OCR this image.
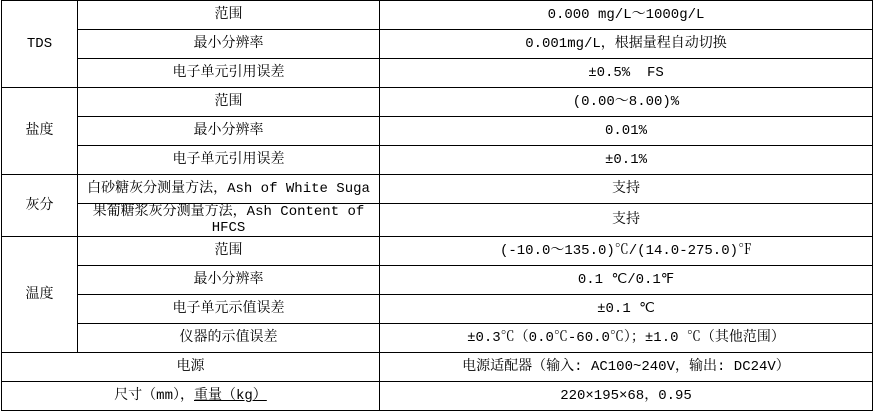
TDS	范围	0.000 mg/L～1000g/L
	最小分辨率	0.001mg/L，根据量程自动切换
	电子单元引用误差	±0.5%  FS
盐度	范围	(0.00～8.00)%
	最小分辨率	0.01%
	电子单元引用误差	±0.1%
灰分	白砂糖灰分测量方法，Ash of White Suga	支持
	果葡糖浆灰分测量方法，Ash Content of HFCS	支持
温度	范围	(-10.0～135.0)℃/(14.0-275.0)℉
	最小分辨率	0.1 ℃/0.1℉
	电子单元示值误差	±0.1 ℃
	仪器的示值误差	±0.3℃（0.0℃-60.0℃）；±1.0 ℃（其他范围）
电源		电源适配器（输入: AC100~240V，输出: DC24V）
尺寸（mm），重量（kg）		220×195×68，0.95
